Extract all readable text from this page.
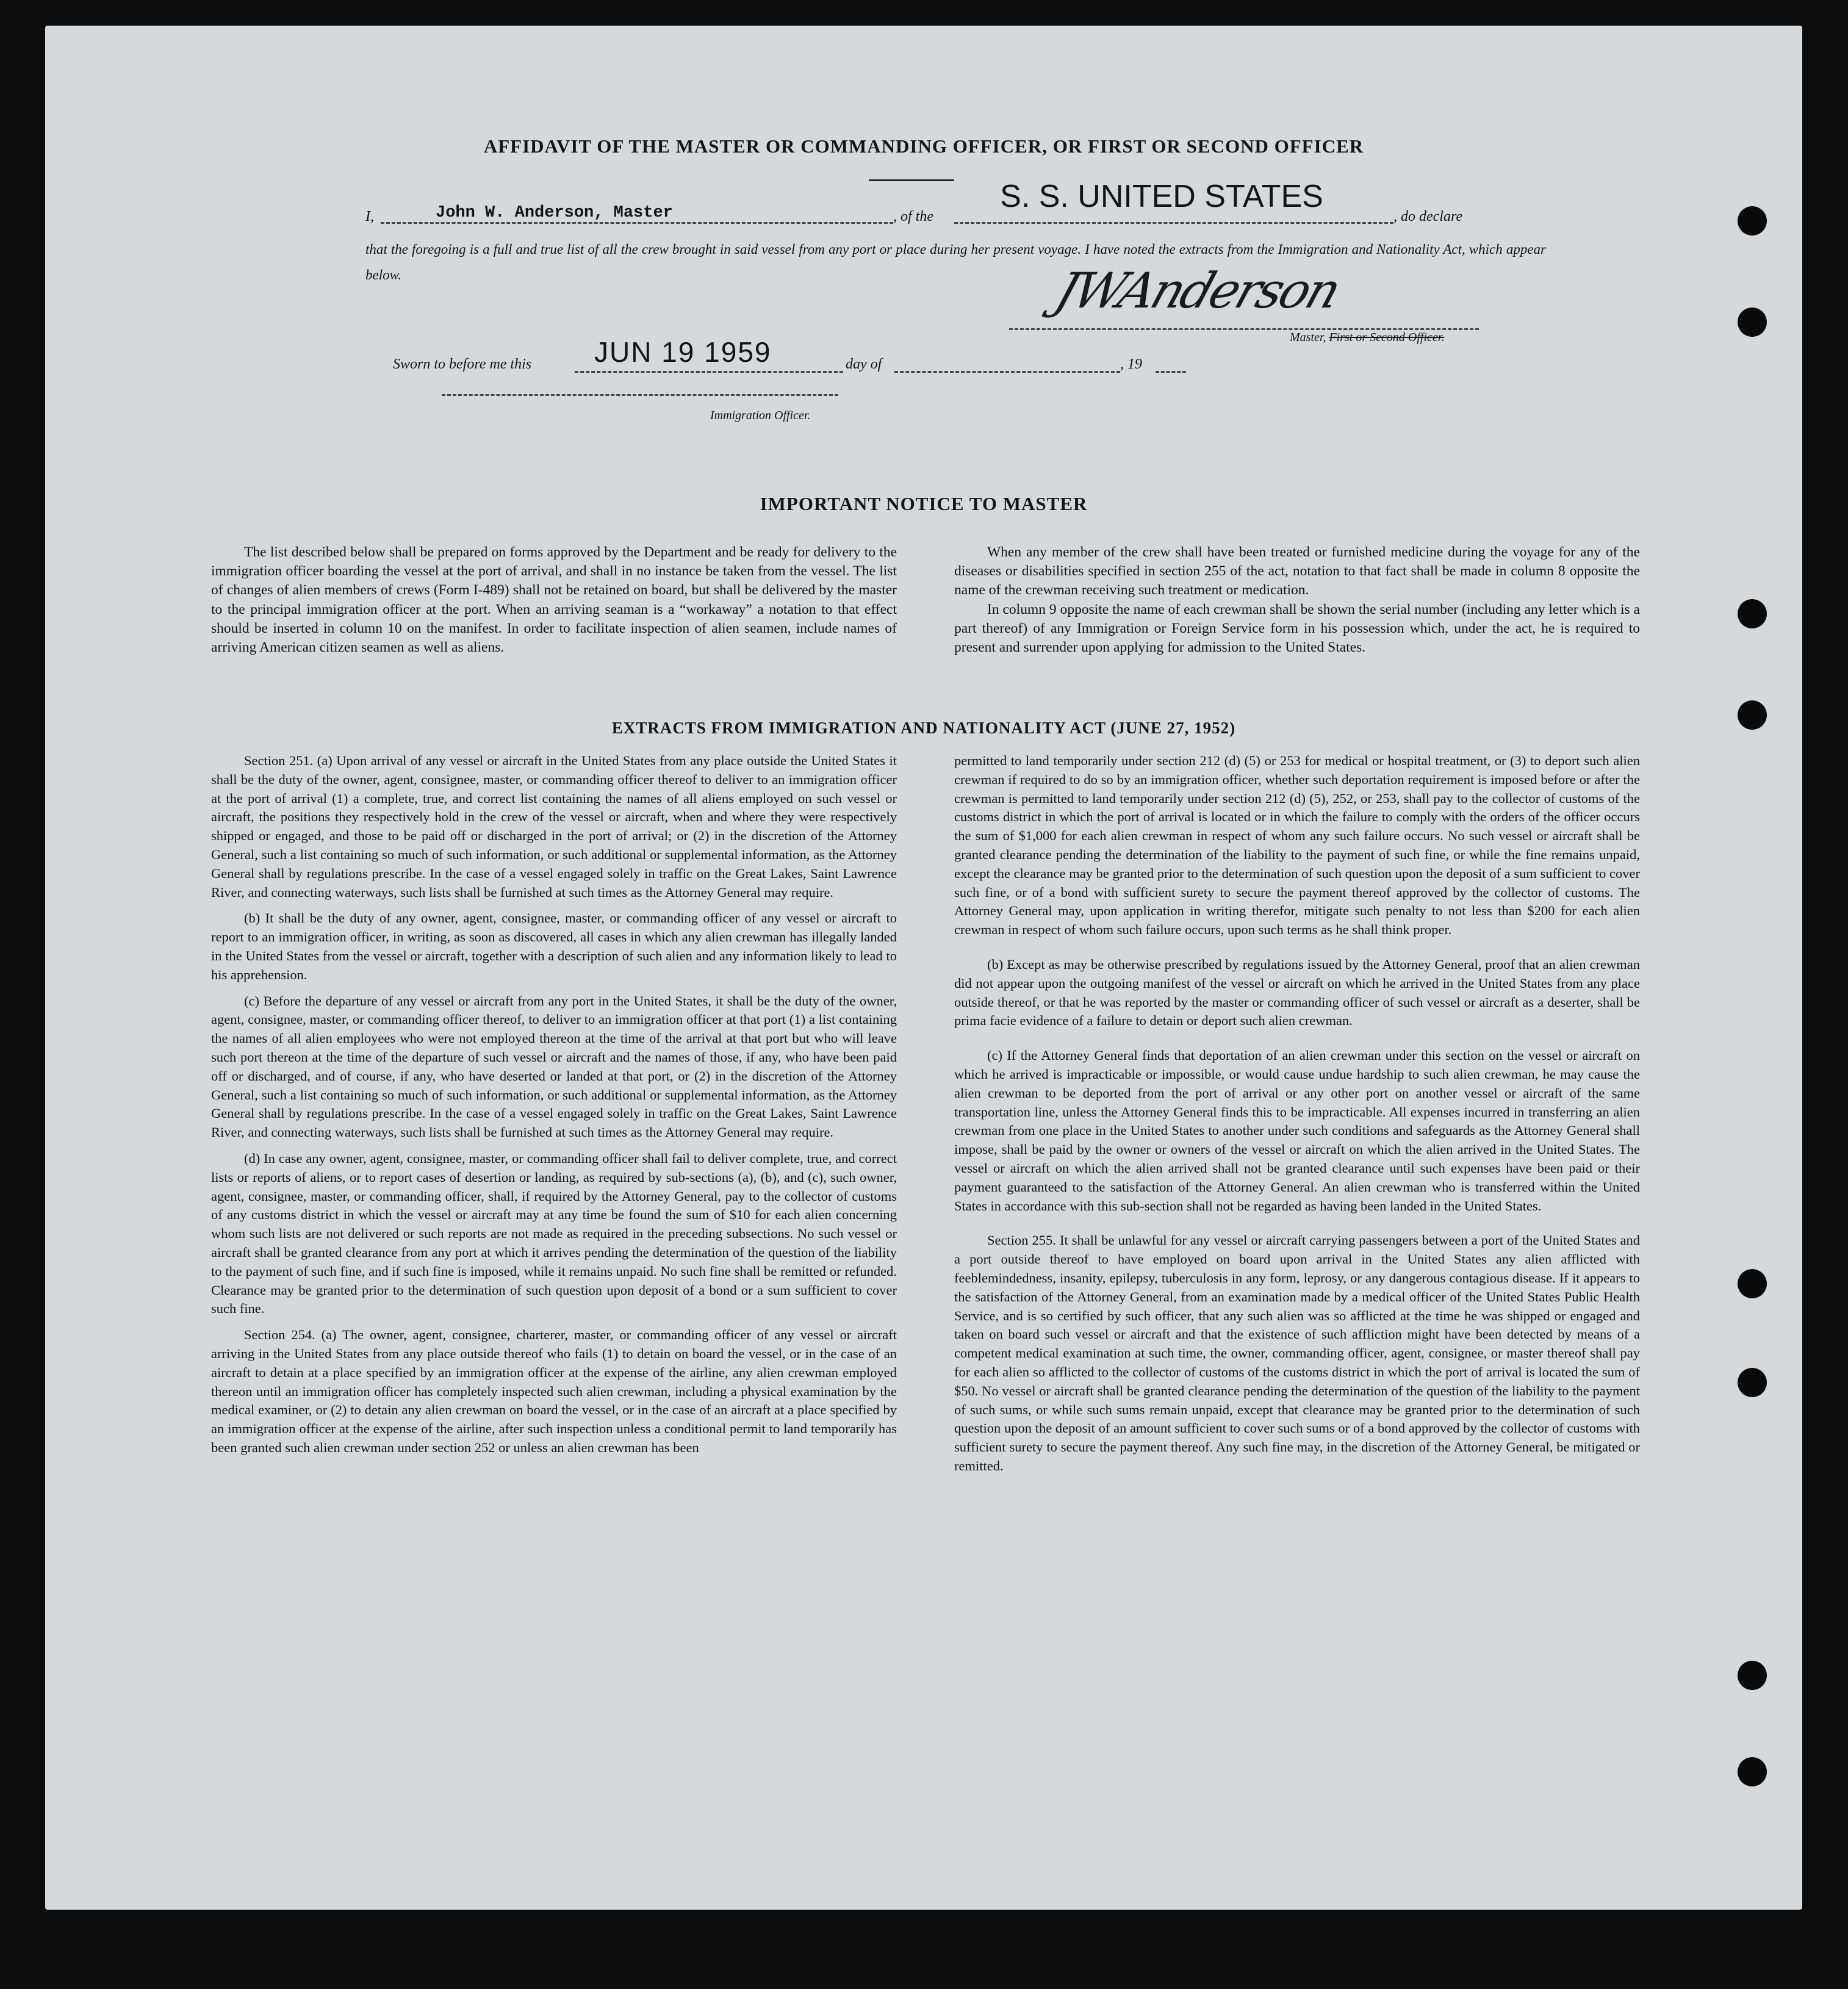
AFFIDAVIT OF THE MASTER OR COMMANDING OFFICER, OR FIRST OR SECOND OFFICER
I,	John W. Anderson, Master	, of the
S. S. UNITED STATES
, do declare
that the foregoing is a full and true list of all the crew brought in said vessel from any port or place during her present voyage. I have noted the extracts from the Immigration and Nationality Act, which appear below.	JWAnderson
Master, First or Second Officer.
Sworn to before me this JUN 19 1959	day of	, 19
Immigration Officer.
IMPORTANT NOTICE TO MASTER

The list described below shall be prepared on forms approved by the Department and be ready for delivery to the immigration officer boarding the vessel at the port of arrival, and shall in no instance be taken from the vessel. The list of changes of alien members of crews (Form I-489) shall not be retained on board, but shall be delivered by the master to the principal immigration officer at the port. When an arriving seaman is a “workaway” a notation to that effect should be inserted in column 10 on the manifest. In order to facilitate inspection of alien seamen, include names of arriving American citizen seamen as well as aliens.

When any member of the crew shall have been treated or furnished medicine during the voyage for any of the diseases or disabilities specified in section 255 of the act, notation to that fact shall be made in column 8 opposite the name of the crewman receiving such treatment or medication.

In column 9 opposite the name of each crewman shall be shown the serial number (including any letter which is a part thereof) of any Immigration or Foreign Service form in his possession which, under the act, he is required to present and surrender upon applying for admission to the United States.

EXTRACTS FROM IMMIGRATION AND NATIONALITY ACT (JUNE 27, 1952)

Section 251. (a) Upon arrival of any vessel or aircraft in the United States from any place outside the United States it shall be the duty of the owner, agent, consignee, master, or commanding officer thereof to deliver to an immigration officer at the port of arrival (1) a complete, true, and correct list containing the names of all aliens employed on such vessel or aircraft, the positions they respectively hold in the crew of the vessel or aircraft, when and where they were respectively shipped or engaged, and those to be paid off or discharged in the port of arrival; or (2) in the discretion of the Attorney General, such a list containing so much of such information, or such additional or supplemental information, as the Attorney General shall by regulations prescribe. In the case of a vessel engaged solely in traffic on the Great Lakes, Saint Lawrence River, and connecting waterways, such lists shall be furnished at such times as the Attorney General may require.

(b) It shall be the duty of any owner, agent, consignee, master, or commanding officer of any vessel or aircraft to report to an immigration officer, in writing, as soon as discovered, all cases in which any alien crewman has illegally landed in the United States from the vessel or aircraft, together with a description of such alien and any information likely to lead to his apprehension.

(c) Before the departure of any vessel or aircraft from any port in the United States, it shall be the duty of the owner, agent, consignee, master, or commanding officer thereof, to deliver to an immigration officer at that port (1) a list containing the names of all alien employees who were not employed thereon at the time of the arrival at that port but who will leave such port thereon at the time of the departure of such vessel or aircraft and the names of those, if any, who have been paid off or discharged, and of course, if any, who have deserted or landed at that port, or (2) in the discretion of the Attorney General, such a list containing so much of such information, or such additional or supplemental information, as the Attorney General shall by regulations prescribe. In the case of a vessel engaged solely in traffic on the Great Lakes, Saint Lawrence River, and connecting waterways, such lists shall be furnished at such times as the Attorney General may require.

(d) In case any owner, agent, consignee, master, or commanding officer shall fail to deliver complete, true, and correct lists or reports of aliens, or to report cases of desertion or landing, as required by sub-sections (a), (b), and (c), such owner, agent, consignee, master, or commanding officer, shall, if required by the Attorney General, pay to the collector of customs of any customs district in which the vessel or aircraft may at any time be found the sum of $10 for each alien concerning whom such lists are not delivered or such reports are not made as required in the preceding subsections. No such vessel or aircraft shall be granted clearance from any port at which it arrives pending the determination of the question of the liability to the payment of such fine, and if such fine is imposed, while it remains unpaid. No such fine shall be remitted or refunded. Clearance may be granted prior to the determination of such question upon deposit of a bond or a sum sufficient to cover such fine.

Section 254. (a) The owner, agent, consignee, charterer, master, or commanding officer of any vessel or aircraft arriving in the United States from any place outside thereof who fails (1) to detain on board the vessel, or in the case of an aircraft to detain at a place specified by an immigration officer at the expense of the airline, any alien crewman employed thereon until an immigration officer has completely inspected such alien crewman, including a physical examination by the medical examiner, or (2) to detain any alien crewman on board the vessel, or in the case of an aircraft at a place specified by an immigration officer at the expense of the airline, after such inspection unless a conditional permit to land temporarily has been granted such alien crewman under section 252 or unless an alien crewman has been

permitted to land temporarily under section 212 (d) (5) or 253 for medical or hospital treatment, or (3) to deport such alien crewman if required to do so by an immigration officer, whether such deportation requirement is imposed before or after the crewman is permitted to land temporarily under section 212 (d) (5), 252, or 253, shall pay to the collector of customs of the customs district in which the port of arrival is located or in which the failure to comply with the orders of the officer occurs the sum of $1,000 for each alien crewman in respect of whom any such failure occurs. No such vessel or aircraft shall be granted clearance pending the determination of the liability to the payment of such fine, or while the fine remains unpaid, except the clearance may be granted prior to the determination of such question upon the deposit of a sum sufficient to cover such fine, or of a bond with sufficient surety to secure the payment thereof approved by the collector of customs. The Attorney General may, upon application in writing therefor, mitigate such penalty to not less than $200 for each alien crewman in respect of whom such failure occurs, upon such terms as he shall think proper.

(b) Except as may be otherwise prescribed by regulations issued by the Attorney General, proof that an alien crewman did not appear upon the outgoing manifest of the vessel or aircraft on which he arrived in the United States from any place outside thereof, or that he was reported by the master or commanding officer of such vessel or aircraft as a deserter, shall be prima facie evidence of a failure to detain or deport such alien crewman.

(c) If the Attorney General finds that deportation of an alien crewman under this section on the vessel or aircraft on which he arrived is impracticable or impossible, or would cause undue hardship to such alien crewman, he may cause the alien crewman to be deported from the port of arrival or any other port on another vessel or aircraft of the same transportation line, unless the Attorney General finds this to be impracticable. All expenses incurred in transferring an alien crewman from one place in the United States to another under such conditions and safeguards as the Attorney General shall impose, shall be paid by the owner or owners of the vessel or aircraft on which the alien arrived in the United States. The vessel or aircraft on which the alien arrived shall not be granted clearance until such expenses have been paid or their payment guaranteed to the satisfaction of the Attorney General. An alien crewman who is transferred within the United States in accordance with this sub-section shall not be regarded as having been landed in the United States.

Section 255. It shall be unlawful for any vessel or aircraft carrying passengers between a port of the United States and a port outside thereof to have employed on board upon arrival in the United States any alien afflicted with feeblemindedness, insanity, epilepsy, tuberculosis in any form, leprosy, or any dangerous contagious disease. If it appears to the satisfaction of the Attorney General, from an examination made by a medical officer of the United States Public Health Service, and is so certified by such officer, that any such alien was so afflicted at the time he was shipped or engaged and taken on board such vessel or aircraft and that the existence of such affliction might have been detected by means of a competent medical examination at such time, the owner, commanding officer, agent, consignee, or master thereof shall pay for each alien so afflicted to the collector of customs of the customs district in which the port of arrival is located the sum of $50. No vessel or aircraft shall be granted clearance pending the determination of the question of the liability to the payment of such sums, or while such sums remain unpaid, except that clearance may be granted prior to the determination of such question upon the deposit of an amount sufficient to cover such sums or of a bond approved by the collector of customs with sufficient surety to secure the payment thereof. Any such fine may, in the discretion of the Attorney General, be mitigated or remitted.
